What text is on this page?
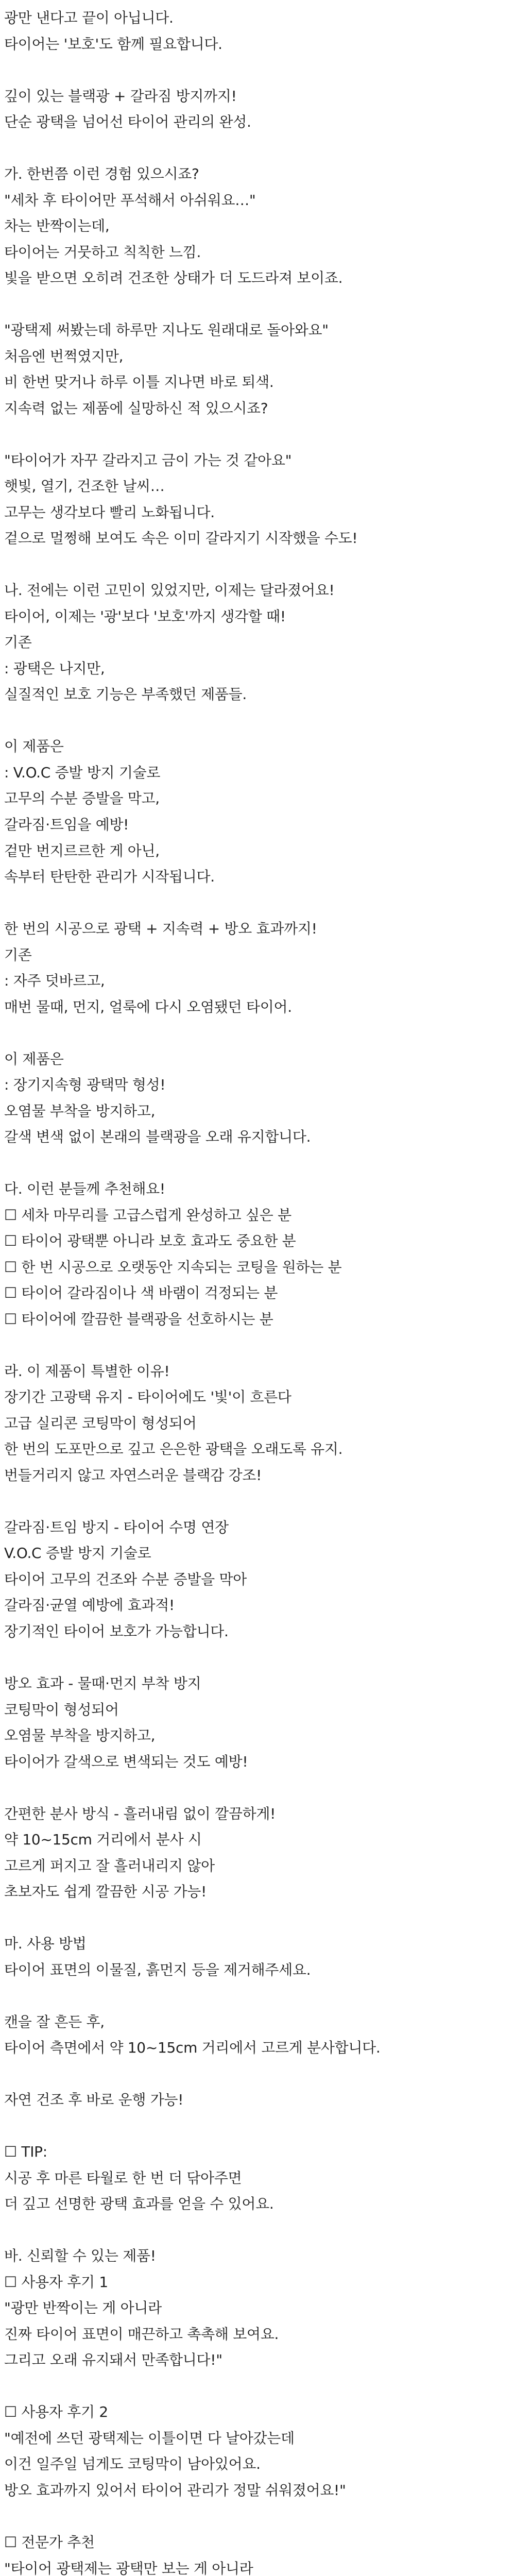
광만 낸다고 끝이 아닙니다.
타이어는 '보호'도 함께 필요합니다.
깊이 있는 블랙광 + 갈라짐 방지까지!
단순 광택을 넘어선 타이어 관리의 완성.
가. 한번쯤 이런 경험 있으시죠?
"세차 후 타이어만 푸석해서 아쉬워요…"
차는 반짝이는데,
타이어는 거뭇하고 칙칙한 느낌.
빛을 받으면 오히려 건조한 상태가 더 도드라져 보이죠.
"광택제 써봤는데 하루만 지나도 원래대로 돌아와요"
처음엔 번쩍였지만,
비 한번 맞거나 하루 이틀 지나면 바로 퇴색.
지속력 없는 제품에 실망하신 적 있으시죠?
"타이어가 자꾸 갈라지고 금이 가는 것 같아요"
햇빛, 열기, 건조한 날씨…
고무는 생각보다 빨리 노화됩니다.
겉으로 멀쩡해 보여도 속은 이미 갈라지기 시작했을 수도!
나. 전에는 이런 고민이 있었지만, 이제는 달라졌어요!
타이어, 이제는 '광'보다 '보호'까지 생각할 때!
기존
: 광택은 나지만,
실질적인 보호 기능은 부족했던 제품들.
이 제품은
: V.O.C 증발 방지 기술로
고무의 수분 증발을 막고,
갈라짐·트임을 예방!
겉만 번지르르한 게 아닌,
속부터 탄탄한 관리가 시작됩니다.
한 번의 시공으로 광택 + 지속력 + 방오 효과까지!
기존
: 자주 덧바르고,
매번 물때, 먼지, 얼룩에 다시 오염됐던 타이어.
이 제품은
: 장기지속형 광택막 형성!
오염물 부착을 방지하고,
갈색 변색 없이 본래의 블랙광을 오래 유지합니다.
다. 이런 분들께 추천해요!
☐ 세차 마무리를 고급스럽게 완성하고 싶은 분
☐ 타이어 광택뿐 아니라 보호 효과도 중요한 분
☐ 한 번 시공으로 오랫동안 지속되는 코팅을 원하는 분
☐ 타이어 갈라짐이나 색 바램이 걱정되는 분
☐ 타이어에 깔끔한 블랙광을 선호하시는 분
라. 이 제품이 특별한 이유!
장기간 고광택 유지 - 타이어에도 '빛'이 흐른다
고급 실리콘 코팅막이 형성되어
한 번의 도포만으로 깊고 은은한 광택을 오래도록 유지.
번들거리지 않고 자연스러운 블랙감 강조!
갈라짐·트임 방지 - 타이어 수명 연장
V.O.C 증발 방지 기술로
타이어 고무의 건조와 수분 증발을 막아
갈라짐·균열 예방에 효과적!
장기적인 타이어 보호가 가능합니다.
방오 효과 - 물때·먼지 부착 방지
코팅막이 형성되어
오염물 부착을 방지하고,
타이어가 갈색으로 변색되는 것도 예방!
간편한 분사 방식 - 흘러내림 없이 깔끔하게!
약 10~15cm 거리에서 분사 시
고르게 퍼지고 잘 흘러내리지 않아
초보자도 쉽게 깔끔한 시공 가능!
마. 사용 방법
타이어 표면의 이물질, 흙먼지 등을 제거해주세요.
캔을 잘 흔든 후,
타이어 측면에서 약 10~15cm 거리에서 고르게 분사합니다.
자연 건조 후 바로 운행 가능!
☐ TIP:
시공 후 마른 타월로 한 번 더 닦아주면
더 깊고 선명한 광택 효과를 얻을 수 있어요.
바. 신뢰할 수 있는 제품!
☐ 사용자 후기 1
"광만 반짝이는 게 아니라
진짜 타이어 표면이 매끈하고 촉촉해 보여요.
그리고 오래 유지돼서 만족합니다!"
☐ 사용자 후기 2
"예전에 쓰던 광택제는 이틀이면 다 날아갔는데
이건 일주일 넘게도 코팅막이 남아있어요.
방오 효과까지 있어서 타이어 관리가 정말 쉬워졌어요!"
☐ 전문가 추천
"타이어 광택제는 광택만 보는 게 아니라
